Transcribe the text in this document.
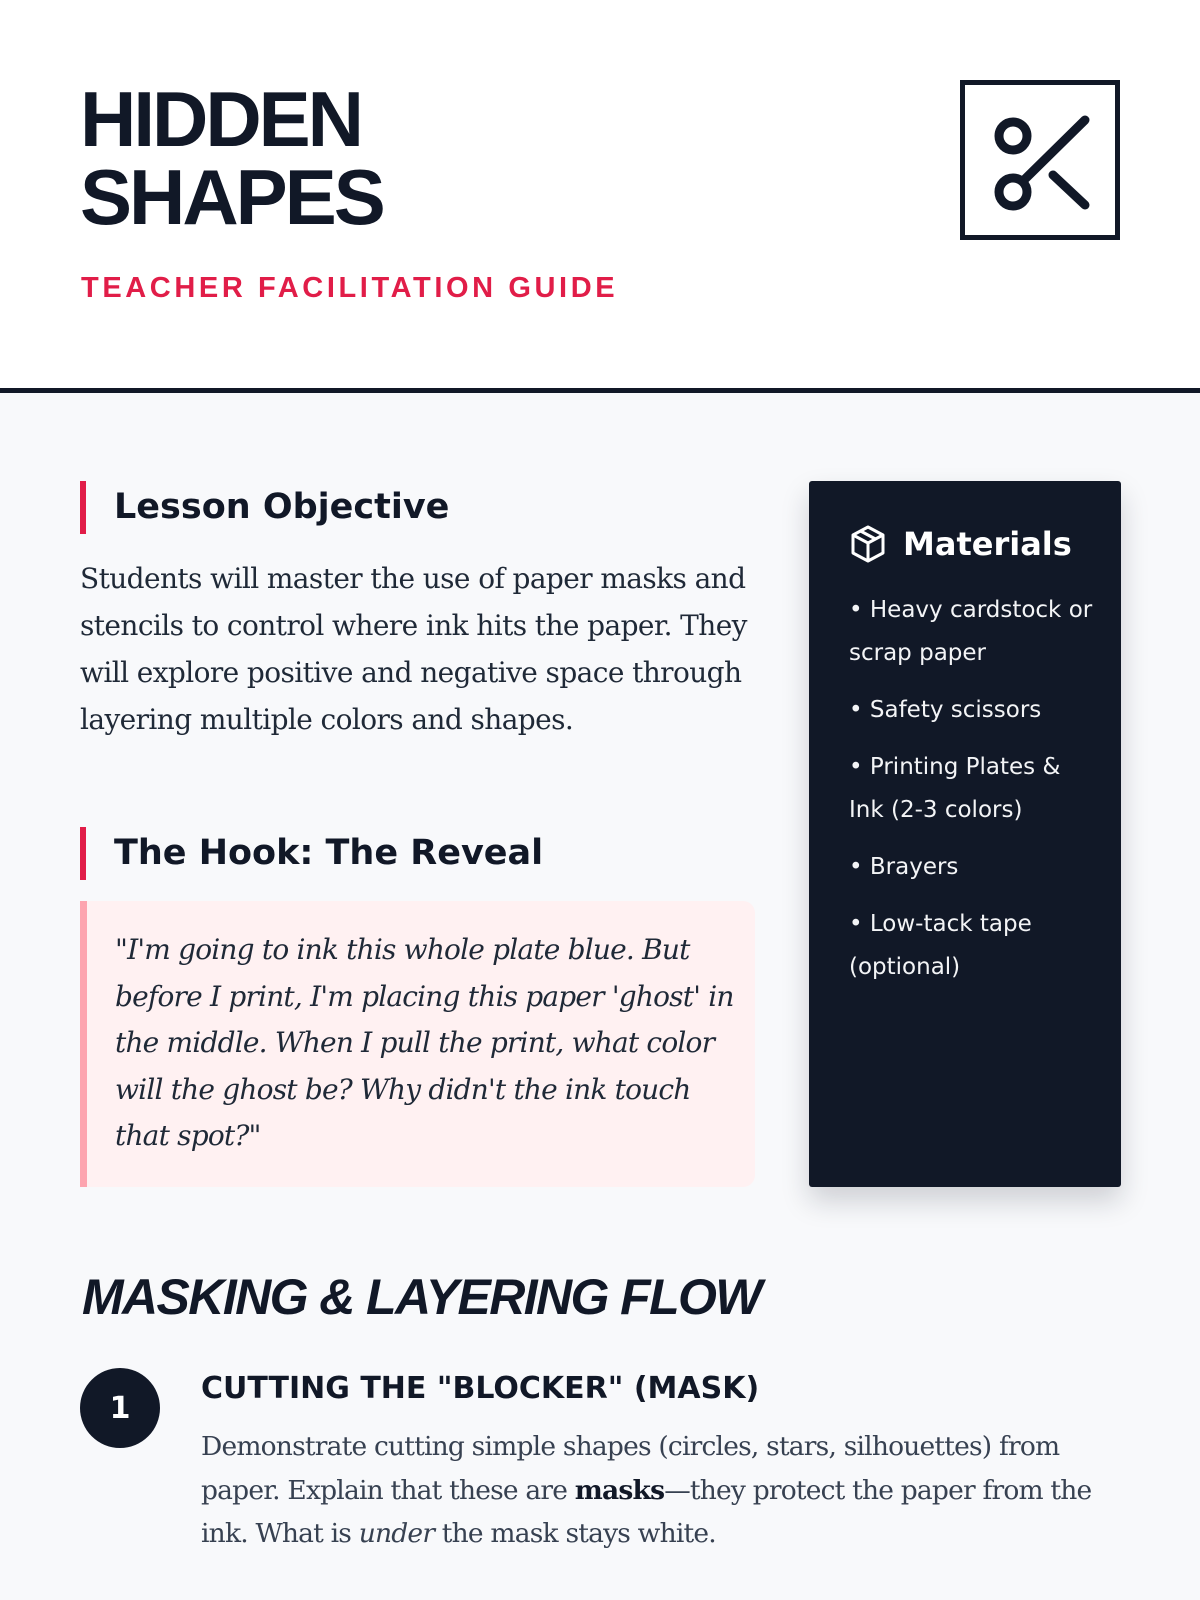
HIDDEN
SHAPES
TEACHER FACILITATION GUIDE
Lesson Objective

Students will master the use of paper masks and stencils to control where ink hits the paper. They will explore positive and negative space through layering multiple colors and shapes.

The Hook: The Reveal
"I'm going to ink this whole plate blue. But before I print, I'm placing this paper 'ghost' in the middle. When I pull the print, what color will the ghost be? Why didn't the ink touch that spot?"
Materials
• Heavy cardstock or scrap paper
• Safety scissors
• Printing Plates & Ink (2-3 colors)
• Brayers
• Low-tack tape (optional)
MASKING & LAYERING FLOW
1
CUTTING THE "BLOCKER" (MASK)

Demonstrate cutting simple shapes (circles, stars, silhouettes) from paper. Explain that these are masks—they protect the paper from the ink. What is under the mask stays white.
